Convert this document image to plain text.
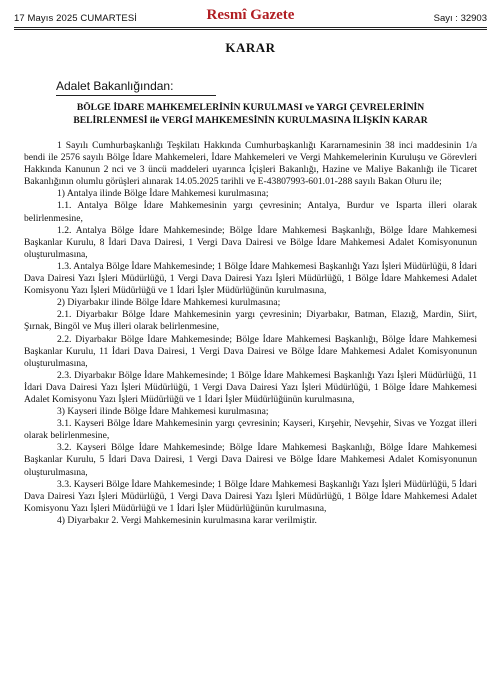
17 Mayıs 2025 CUMARTESİ	Resmî Gazete	Sayı : 32903
KARAR
Adalet Bakanlığından:
BÖLGE İDARE MAHKEMELERİNİN KURULMASI ve YARGI ÇEVRELERİNİN
BELİRLENMESİ ile VERGİ MAHKEMESİNİN KURULMASINA İLİŞKİN KARAR

1 Sayılı Cumhurbaşkanlığı Teşkilatı Hakkında Cumhurbaşkanlığı Kararnamesinin 38 inci maddesinin 1/a bendi ile 2576 sayılı Bölge İdare Mahkemeleri, İdare Mahkemeleri ve Vergi Mahkemelerinin Kuruluşu ve Görevleri Hakkında Kanunun 2 nci ve 3 üncü maddeleri uyarınca İçişleri Bakanlığı, Hazine ve Maliye Bakanlığı ile Ticaret Bakanlığının olumlu görüşleri alınarak 14.05.2025 tarihli ve E-43807993-601.01-288 sayılı Bakan Oluru ile;

1) Antalya ilinde Bölge İdare Mahkemesi kurulmasına;

1.1. Antalya Bölge İdare Mahkemesinin yargı çevresinin; Antalya, Burdur ve Isparta illeri olarak belirlenmesine,

1.2. Antalya Bölge İdare Mahkemesinde; Bölge İdare Mahkemesi Başkanlığı, Bölge İdare Mahkemesi Başkanlar Kurulu, 8 İdari Dava Dairesi, 1 Vergi Dava Dairesi ve Bölge İdare Mahkemesi Adalet Komisyonunun oluşturulmasına,

1.3. Antalya Bölge İdare Mahkemesinde; 1 Bölge İdare Mahkemesi Başkanlığı Yazı İşleri Müdürlüğü, 8 İdari Dava Dairesi Yazı İşleri Müdürlüğü, 1 Vergi Dava Dairesi Yazı İşleri Müdürlüğü, 1 Bölge İdare Mahkemesi Adalet Komisyonu Yazı İşleri Müdürlüğü ve 1 İdari İşler Müdürlüğünün kurulmasına,

2) Diyarbakır ilinde Bölge İdare Mahkemesi kurulmasına;

2.1. Diyarbakır Bölge İdare Mahkemesinin yargı çevresinin; Diyarbakır, Batman, Elazığ, Mardin, Siirt, Şırnak, Bingöl ve Muş illeri olarak belirlenmesine,

2.2. Diyarbakır Bölge İdare Mahkemesinde; Bölge İdare Mahkemesi Başkanlığı, Bölge İdare Mahkemesi Başkanlar Kurulu, 11 İdari Dava Dairesi, 1 Vergi Dava Dairesi ve Bölge İdare Mahkemesi Adalet Komisyonunun oluşturulmasına,

2.3. Diyarbakır Bölge İdare Mahkemesinde; 1 Bölge İdare Mahkemesi Başkanlığı Yazı İşleri Müdürlüğü, 11 İdari Dava Dairesi Yazı İşleri Müdürlüğü, 1 Vergi Dava Dairesi Yazı İşleri Müdürlüğü, 1 Bölge İdare Mahkemesi Adalet Komisyonu Yazı İşleri Müdürlüğü ve 1 İdari İşler Müdürlüğünün kurulmasına,

3) Kayseri ilinde Bölge İdare Mahkemesi kurulmasına;

3.1. Kayseri Bölge İdare Mahkemesinin yargı çevresinin; Kayseri, Kırşehir, Nevşehir, Sivas ve Yozgat illeri olarak belirlenmesine,

3.2. Kayseri Bölge İdare Mahkemesinde; Bölge İdare Mahkemesi Başkanlığı, Bölge İdare Mahkemesi Başkanlar Kurulu, 5 İdari Dava Dairesi, 1 Vergi Dava Dairesi ve Bölge İdare Mahkemesi Adalet Komisyonunun oluşturulmasına,

3.3. Kayseri Bölge İdare Mahkemesinde; 1 Bölge İdare Mahkemesi Başkanlığı Yazı İşleri Müdürlüğü, 5 İdari Dava Dairesi Yazı İşleri Müdürlüğü, 1 Vergi Dava Dairesi Yazı İşleri Müdürlüğü, 1 Bölge İdare Mahkemesi Adalet Komisyonu Yazı İşleri Müdürlüğü ve 1 İdari İşler Müdürlüğünün kurulmasına,

4) Diyarbakır 2. Vergi Mahkemesinin kurulmasına karar verilmiştir.
